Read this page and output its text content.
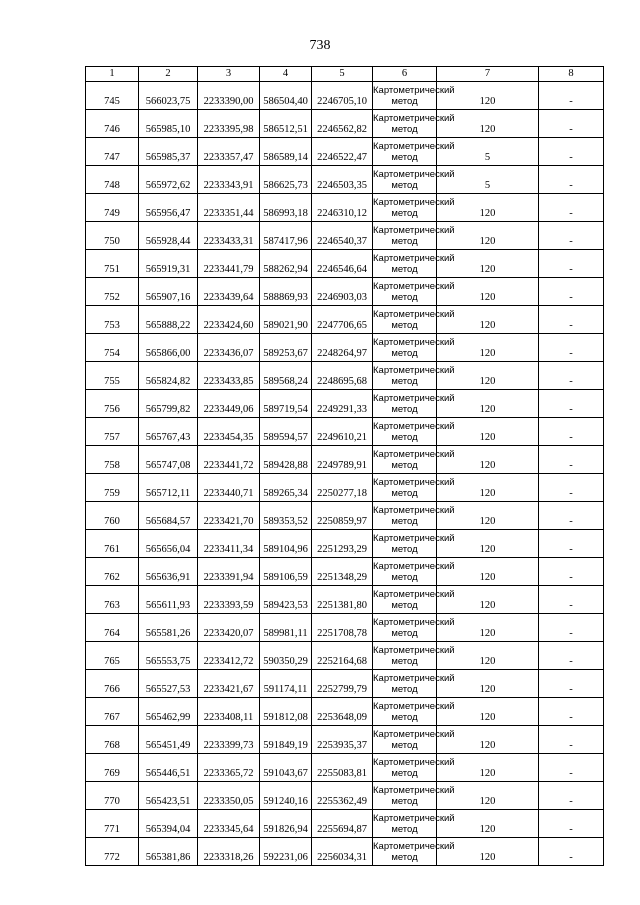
738
1	2	3	4	5	6	7	8
745	566023,75	2233390,00	586504,40	2246705,10	Картометрический
метод	120	-
746	565985,10	2233395,98	586512,51	2246562,82	Картометрический
метод	120	-
747	565985,37	2233357,47	586589,14	2246522,47	Картометрический
метод	5	-
748	565972,62	2233343,91	586625,73	2246503,35	Картометрический
метод	5	-
749	565956,47	2233351,44	586993,18	2246310,12	Картометрический
метод	120	-
750	565928,44	2233433,31	587417,96	2246540,37	Картометрический
метод	120	-
751	565919,31	2233441,79	588262,94	2246546,64	Картометрический
метод	120	-
752	565907,16	2233439,64	588869,93	2246903,03	Картометрический
метод	120	-
753	565888,22	2233424,60	589021,90	2247706,65	Картометрический
метод	120	-
754	565866,00	2233436,07	589253,67	2248264,97	Картометрический
метод	120	-
755	565824,82	2233433,85	589568,24	2248695,68	Картометрический
метод	120	-
756	565799,82	2233449,06	589719,54	2249291,33	Картометрический
метод	120	-
757	565767,43	2233454,35	589594,57	2249610,21	Картометрический
метод	120	-
758	565747,08	2233441,72	589428,88	2249789,91	Картометрический
метод	120	-
759	565712,11	2233440,71	589265,34	2250277,18	Картометрический
метод	120	-
760	565684,57	2233421,70	589353,52	2250859,97	Картометрический
метод	120	-
761	565656,04	2233411,34	589104,96	2251293,29	Картометрический
метод	120	-
762	565636,91	2233391,94	589106,59	2251348,29	Картометрический
метод	120	-
763	565611,93	2233393,59	589423,53	2251381,80	Картометрический
метод	120	-
764	565581,26	2233420,07	589981,11	2251708,78	Картометрический
метод	120	-
765	565553,75	2233412,72	590350,29	2252164,68	Картометрический
метод	120	-
766	565527,53	2233421,67	591174,11	2252799,79	Картометрический
метод	120	-
767	565462,99	2233408,11	591812,08	2253648,09	Картометрический
метод	120	-
768	565451,49	2233399,73	591849,19	2253935,37	Картометрический
метод	120	-
769	565446,51	2233365,72	591043,67	2255083,81	Картометрический
метод	120	-
770	565423,51	2233350,05	591240,16	2255362,49	Картометрический
метод	120	-
771	565394,04	2233345,64	591826,94	2255694,87	Картометрический
метод	120	-
772	565381,86	2233318,26	592231,06	2256034,31	Картометрический
метод	120	-
